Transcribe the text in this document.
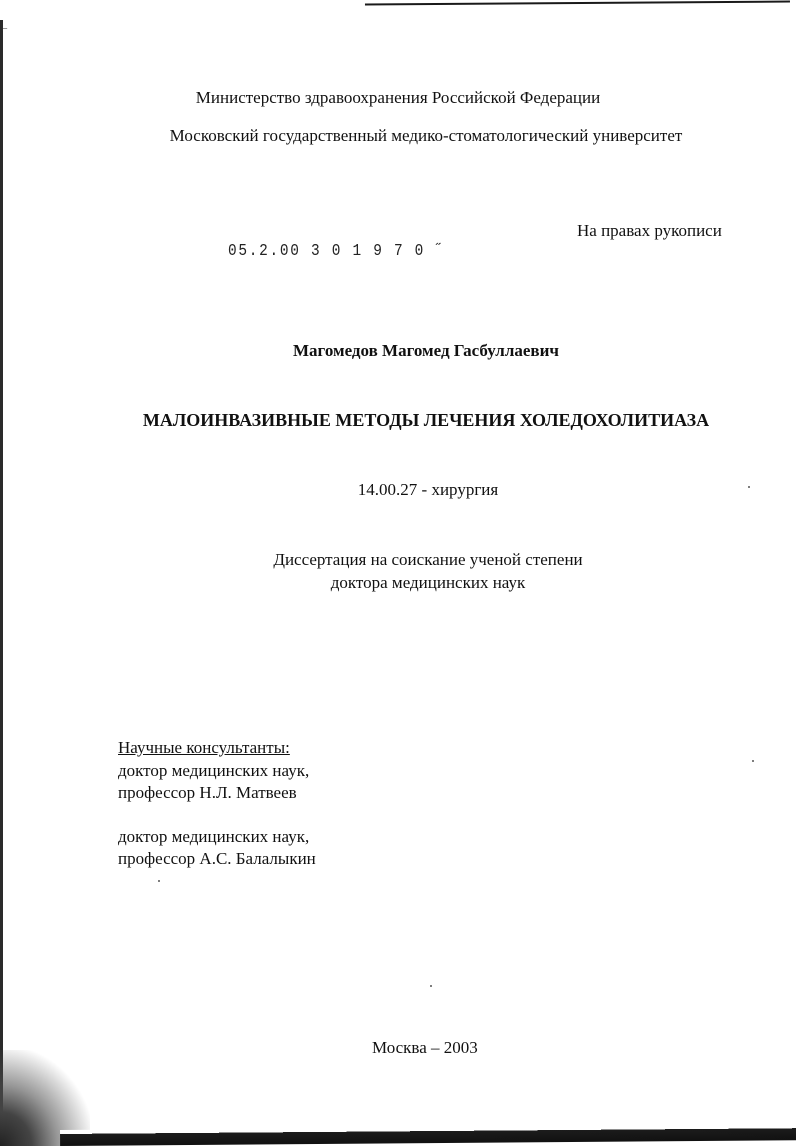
⌐
Министерство здравоохранения Российской Федерации
Московский государственный медико-стоматологический университет
На правах рукописи
05.2.00 3 0 1 9 7 0 ˝
Магомедов Магомед Гасбуллаевич
МАЛОИНВАЗИВНЫЕ МЕТОДЫ ЛЕЧЕНИЯ ХОЛЕДОХОЛИТИАЗА
14.00.27 - хирургия
Диссертация на соискание ученой степени
доктора медицинских наук
Научные консультанты:
доктор медицинских наук,
профессор Н.Л. Матвеев
доктор медицинских наук,
профессор А.С. Балалыкин
Москва – 2003
